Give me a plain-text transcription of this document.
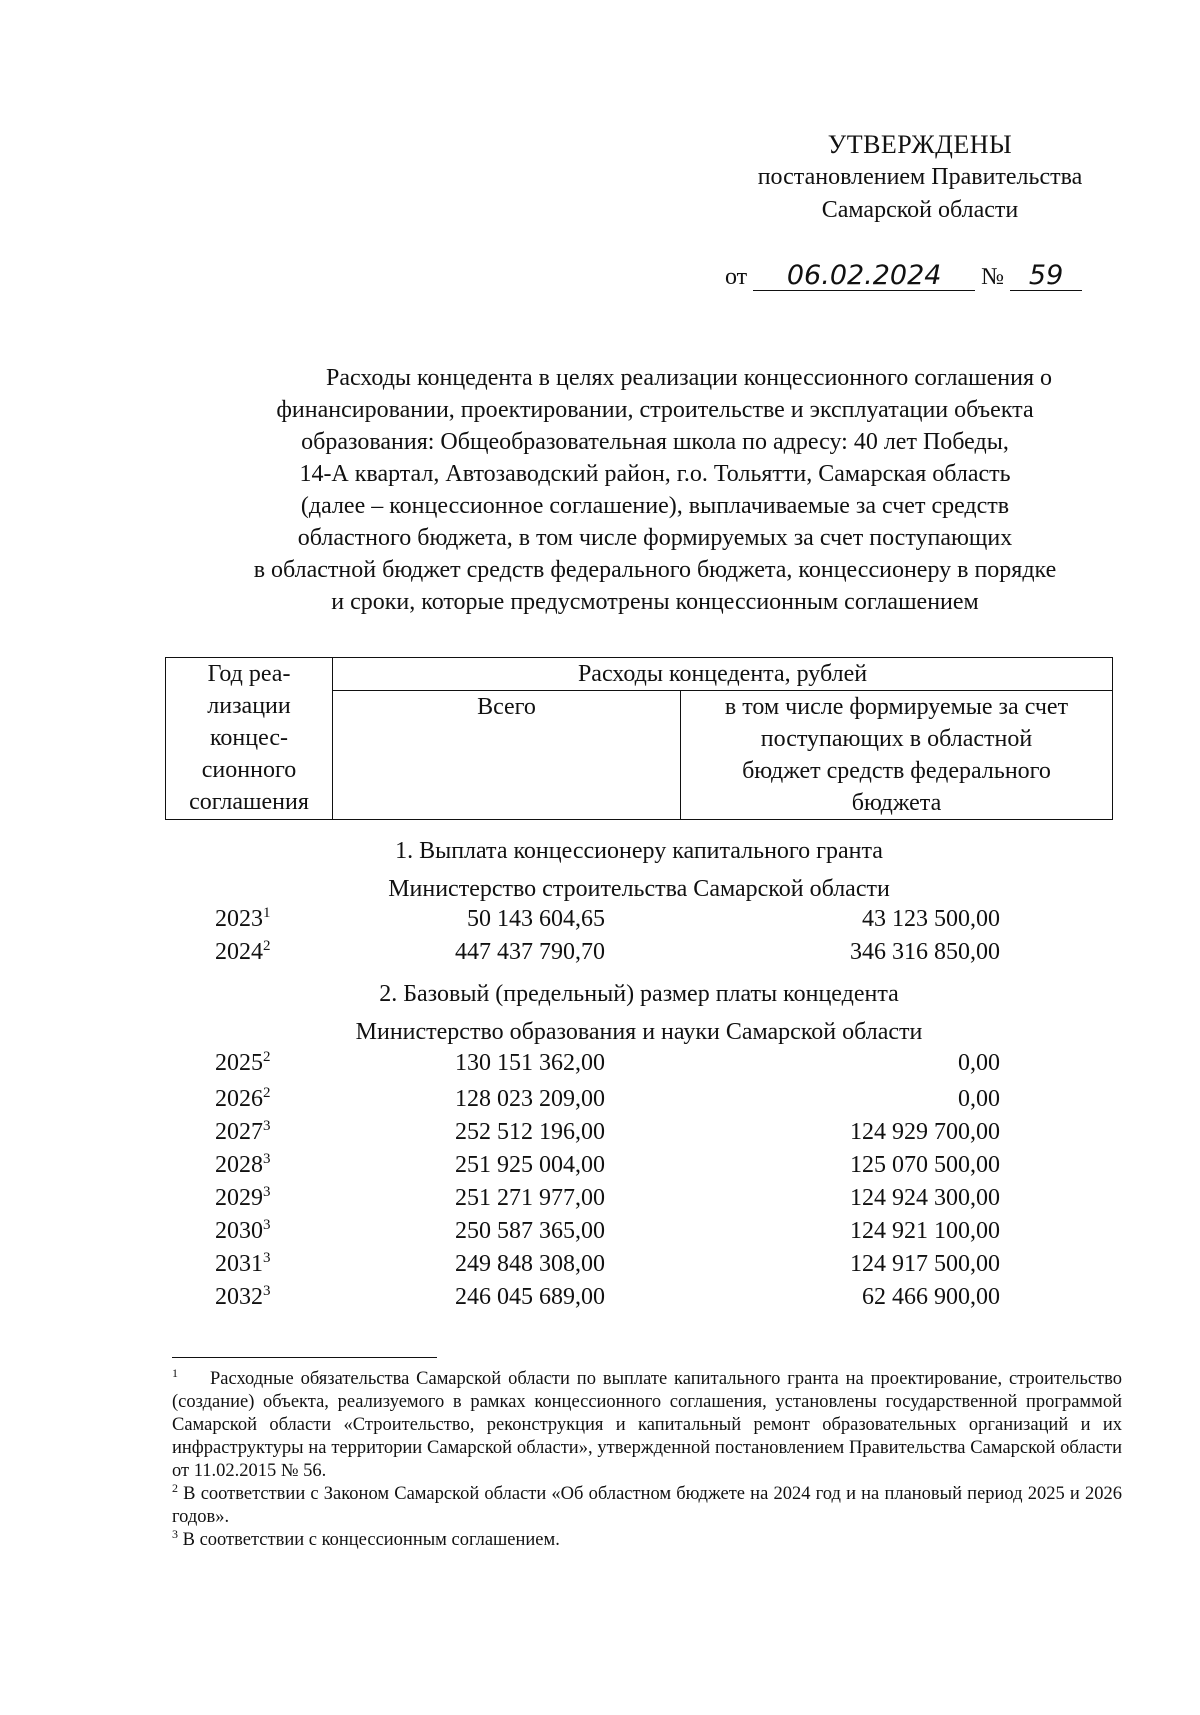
УТВЕРЖДЕНЫ
постановлением Правительства
Самарской области
от 06.02.2024 № 59
Расходы концедента в целях реализации концессионного соглашения о
финансировании, проектировании, строительстве и эксплуатации объекта
образования: Общеобразовательная школа по адресу: 40 лет Победы,
14-А квартал, Автозаводский район, г.о. Тольятти, Самарская область
(далее – концессионное соглашение), выплачиваемые за счет средств
областного бюджета, в том числе формируемых за счет поступающих
в областной бюджет средств федерального бюджета, концессионеру в порядке
и сроки, которые предусмотрены концессионным соглашением
Год реа-
лизации
концес-
сионного
соглашения	Расходы концедента, рублей	
	Всего	в том числе формируемые за счет
поступающих в областной
бюджет средств федерального
бюджета
1. Выплата концессионеру капитального гранта
Министерство строительства Самарской области
2023$^1$	50 143 604,65	43 123 500,00
2024$^2$	447 437 790,70	346 316 850,00
2. Базовый (предельный) размер платы концедента
Министерство образования и науки Самарской области
2025$^2$	130 151 362,00	0,00
2026$^2$	128 023 209,00	0,00
2027$^3$	252 512 196,00	124 929 700,00
2028$^3$	251 925 004,00	125 070 500,00
2029$^3$	251 271 977,00	124 924 300,00
2030$^3$	250 587 365,00	124 921 100,00
2031$^3$	249 848 308,00	124 917 500,00
2032$^3$	246 045 689,00	62 466 900,00

$^1$ Расходные обязательства Самарской области по выплате капитального гранта на проектирование, строительство (создание) объекта, реализуемого в рамках концессионного соглашения, установлены государственной программой Самарской области «Строительство, реконструкция и капитальный ремонт образовательных организаций и их инфраструктуры на территории Самарской области», утвержденной постановлением Правительства Самарской области от 11.02.2015 № 56.

$^2$ В соответствии с Законом Самарской области «Об областном бюджете на 2024 год и на плановый период 2025 и 2026 годов».

$^3$ В соответствии с концессионным соглашением.
